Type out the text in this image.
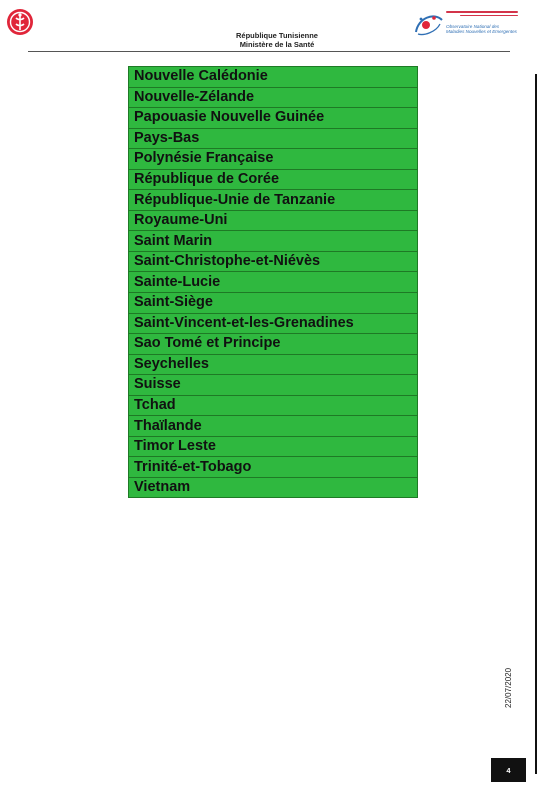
Observatoire National des
Maladies Nouvelles et Emergentes
République Tunisienne
Ministère de la Santé
Nouvelle Calédonie
Nouvelle-Zélande
Papouasie Nouvelle Guinée
Pays-Bas
Polynésie Française
République de Corée
République-Unie de Tanzanie
Royaume-Uni
Saint Marin
Saint-Christophe-et-Niévès
Sainte-Lucie
Saint-Siège
Saint-Vincent-et-les-Grenadines
Sao Tomé et Principe
Seychelles
Suisse
Tchad
Thaïlande
Timor Leste
Trinité-et-Tobago
Vietnam
22/07/2020
4
